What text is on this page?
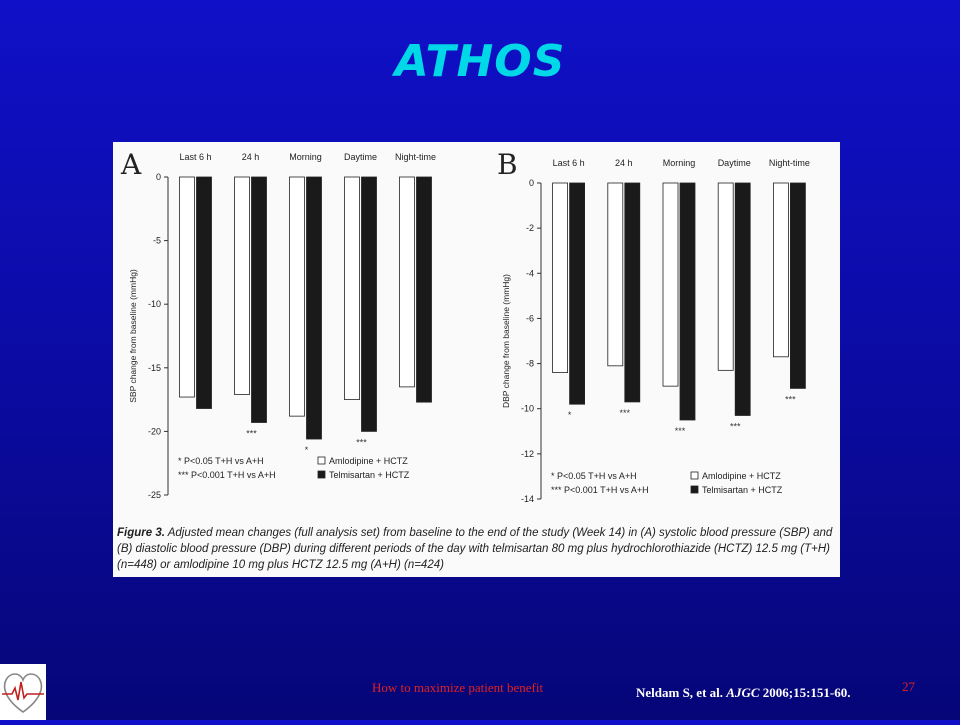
ATHOS
A 0
-5
-10
-15
-20
-25
SBP change from baseline (mmHg)
Last 6 h	24 h
***
Morning
*
Daytime
***
Night-time
* P<0.05 T+H vs A+H
*** P<0.001 T+H vs A+H
Amlodipine + HCTZ
Telmisartan + HCTZ
B
0
-2
-4
-6
-8
-10
-12
-14
DBP change from baseline (mmHg)
Last 6 h
*
24 h
***
Morning
***
Daytime
***
Night-time
***
* P<0.05 T+H vs A+H
*** P<0.001 T+H vs A+H
Amlodipine + HCTZ
Telmisartan + HCTZ
Figure 3. Adjusted mean changes (full analysis set) from baseline to the end of the study (Week 14) in (A) systolic blood pressure (SBP) and (B) diastolic blood pressure (DBP) during different periods of the day with telmisartan 80 mg plus hydrochlorothiazide (HCTZ) 12.5 mg (T+H) (n=448) or amlodipine 10 mg plus HCTZ 12.5 mg (A+H) (n=424)
How to maximize patient benefit	Neldam S, et al. AJGC 2006;15:151-60.	27
